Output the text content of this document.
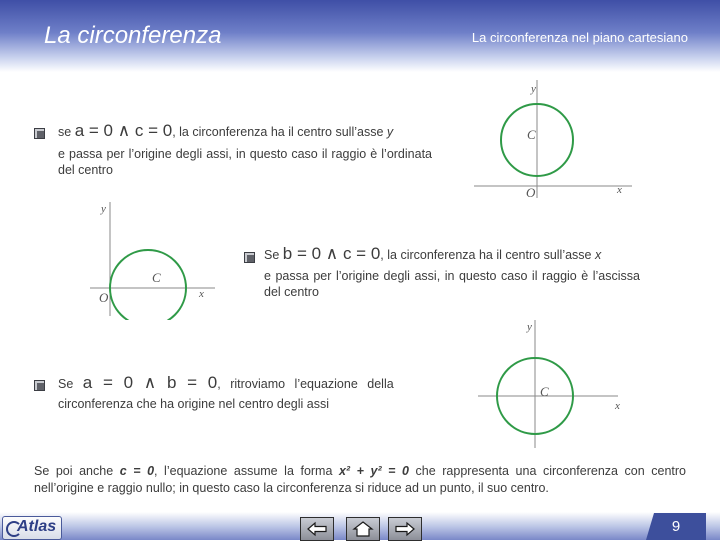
La circonferenza	La circonferenza nel piano cartesiano
se a = 0 ∧ c = 0, la circonferenza ha il centro sull’asse y
e passa per l’origine degli assi, in questo caso il raggio è l’ordinata del centro
y
x
C
O
y
x
C
O
Se b = 0 ∧ c = 0, la circonferenza ha il centro sull’asse x
e passa per l’origine degli assi, in questo caso il raggio è l’ascissa del centro
y
x
C
Se a = 0 ∧ b = 0, ritroviamo l’equazione della
circonferenza che ha origine nel centro degli assi
Se poi anche c = 0, l’equazione assume la forma x² + y² = 0 che rappresenta una circonferenza con centro nell’origine e raggio nullo; in questo caso la circonferenza si riduce ad un punto, il suo centro.
Atlas	9
